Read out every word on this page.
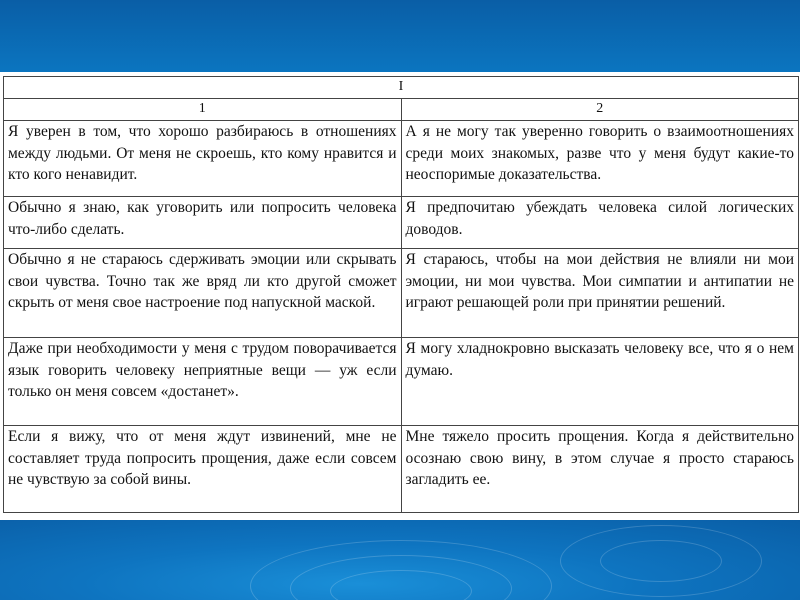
I	
1	2
Я уверен в том, что хорошо разбираюсь в отношениях между людьми. От меня не скроешь, кто кому нравится и кто кого ненавидит.	А я не могу так уверенно говорить о взаимоотношениях среди моих знакомых, разве что у меня будут какие-то неоспоримые доказательства.
Обычно я знаю, как уговорить или попросить человека что-либо сделать.	Я предпочитаю убеждать человека силой логических доводов.
Обычно я не стараюсь сдерживать эмоции или скрывать свои чувства. Точно так же вряд ли кто другой сможет скрыть от меня свое настроение под напускной маской.	Я стараюсь, чтобы на мои действия не влияли ни мои эмоции, ни мои чувства. Мои симпатии и антипатии не играют решающей роли при принятии решений.
Даже при необходимости у меня с трудом поворачивается язык говорить человеку неприятные вещи — уж если только он меня совсем «достанет».	Я могу хладнокровно высказать человеку все, что я о нем думаю.
Если я вижу, что от меня ждут извинений, мне не составляет труда попросить прощения, даже если совсем не чувствую за собой вины.	Мне тяжело просить прощения. Когда я действительно осознаю свою вину, в этом случае я просто стараюсь загладить ее.
